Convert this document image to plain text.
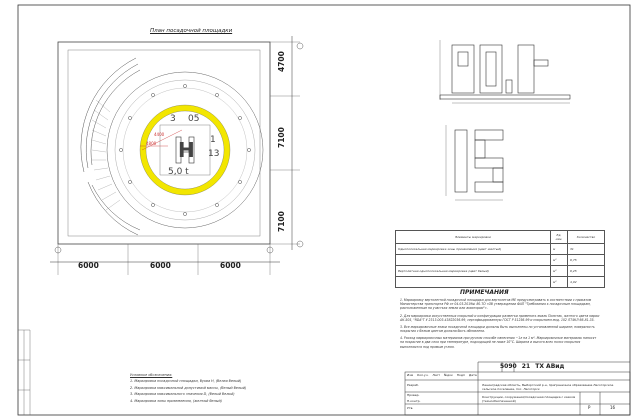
План посадочной площадки
H
5,0 t
3 05
1
13
4400
4800
6000	6000	6000
4700
7100
7100
Элементы маркировки	Ед. изм.	Количество
Однополосальная маркировка зоны приземления (цвет желтый)	м	31
	м²	6,75
Вертолетная однополосальная маркировка (цвет белый)	м²	9,25
	м²	4,02
ПРИМЕЧАНИЯ

1. Маркировку вертолетной посадочной площадки для вертолетов МЕ предусматривать в соответствии с приказом Министерства транспорта РФ от 04.03.2019№ 80-ТО «Об утверждении ФАП "Требования к посадочным площадкам, расположенным на участках земли или акватории"».

2. Для маркировки искусственных покрытий и конфигурации разметки применять эмаль Пилотак, желтого цвета марки АК-505, "RDA"Т У 2313-003-43822036-99, сертифицированную ГОСТ Р 51256-99 и покрытием мод. 102 ЛТ4КЛ 66-81-35.

3. Все маркировочные знаки посадочной площадки должны быть выполнены по установленной ширине; поверхность покрытия с белым цветом должна быть обновлена.

4. Расход маркировочных материалов при ручном способе нанесения ~1л на 1 м². Маркировочные материалы наносят на покрытие в два слоя при температуре, подходящей не ниже 10°С. Ширина и высота всех полос покрытия выполняются под прямым углом.

Условные обозначения:
1. Маркировка посадочной площадки, буква Н, (белая белый)
2. Маркировка максимальной допустимой массы, (белый белый)
3. Маркировка максимального значения D, (белый белый)
4. Маркировка зоны приземления, (желтый белый)
5090 21 ТХ АВид
Ленинградская область, Выборгский р-н, приграничное образование Лесогорское сельское поселение, пос. Лесогорск
Конструкции, сооружения/посадочная площадка с казком (технообеспеченной)
Р	16
Изм Кол.уч. Лист №док Подп Дата
Разраб.
Провер.
Н.контр.
Утв.
